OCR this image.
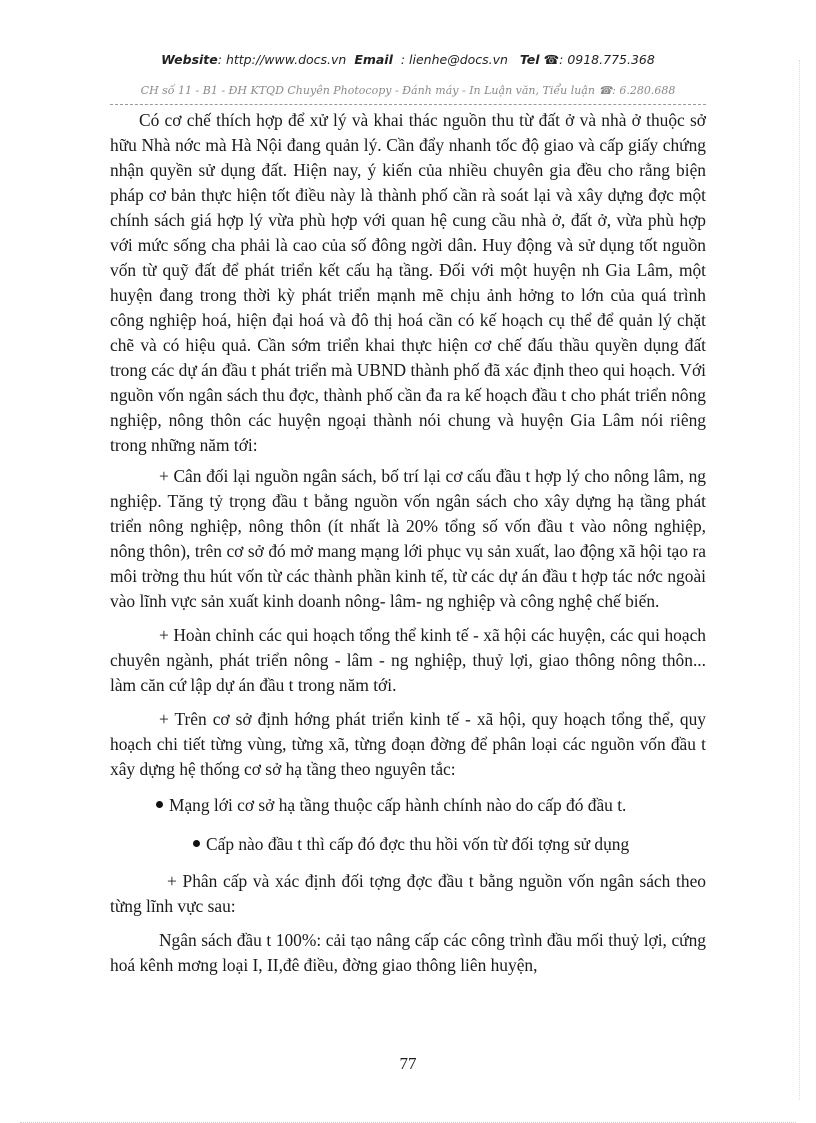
Website: http://www.docs.vn Email : lienhe@docs.vn Tel ☎: 0918.775.368
CH số 11 - B1 - ĐH KTQD Chuyên Photocopy - Đánh máy - In Luận văn, Tiểu luận ☎: 6.280.688

Có cơ chế thích hợp để xử lý và khai thác nguồn thu từ đất ở và nhà ở thuộc sở hữu Nhà nớc mà Hà Nội đang quản lý. Cần đẩy nhanh tốc độ giao và cấp giấy chứng nhận quyền sử dụng đất. Hiện nay, ý kiến của nhiều chuyên gia đều cho rằng biện pháp cơ bản thực hiện tốt điều này là thành phố cần rà soát lại và xây dựng đợc một chính sách giá hợp lý vừa phù hợp với quan hệ cung cầu nhà ở, đất ở, vừa phù hợp với mức sống cha phải là cao của số đông ngời dân. Huy động và sử dụng tốt nguồn vốn từ quỹ đất để phát triển kết cấu hạ tầng. Đối với một huyện nh Gia Lâm, một huyện đang trong thời kỳ phát triển mạnh mẽ chịu ảnh hởng to lớn của quá trình công nghiệp hoá, hiện đại hoá và đô thị hoá cần có kế hoạch cụ thể để quản lý chặt chẽ và có hiệu quả. Cần sớm triển khai thực hiện cơ chế đấu thầu quyền dụng đất trong các dự án đầu t phát triển mà UBND thành phố đã xác định theo qui hoạch. Với nguồn vốn ngân sách thu đợc, thành phố cần đa ra kế hoạch đầu t cho phát triển nông nghiệp, nông thôn các huyện ngoại thành nói chung và huyện Gia Lâm nói riêng trong những năm tới:

+ Cân đối lại nguồn ngân sách, bố trí lại cơ cấu đầu t hợp lý cho nông lâm, ng nghiệp. Tăng tỷ trọng đầu t bằng nguồn vốn ngân sách cho xây dựng hạ tầng phát triển nông nghiệp, nông thôn (ít nhất là 20% tổng số vốn đầu t vào nông nghiệp, nông thôn), trên cơ sở đó mở mang mạng lới phục vụ sản xuất, lao động xã hội tạo ra môi trờng thu hút vốn từ các thành phần kinh tế, từ các dự án đầu t hợp tác nớc ngoài vào lĩnh vực sản xuất kinh doanh nông- lâm- ng nghiệp và công nghệ chế biến.

+ Hoàn chỉnh các qui hoạch tổng thể kinh tế - xã hội các huyện, các qui hoạch chuyên ngành, phát triển nông - lâm - ng nghiệp, thuỷ lợi, giao thông nông thôn... làm căn cứ lập dự án đầu t trong năm tới.

+ Trên cơ sở định hớng phát triển kinh tế - xã hội, quy hoạch tổng thể, quy hoạch chi tiết từng vùng, từng xã, từng đoạn đờng để phân loại các nguồn vốn đầu t xây dựng hệ thống cơ sở hạ tầng theo nguyên tắc:

Mạng lới cơ sở hạ tầng thuộc cấp hành chính nào do cấp đó đầu t.

Cấp nào đầu t thì cấp đó đợc thu hồi vốn từ đối tợng sử dụng

+ Phân cấp và xác định đối tợng đợc đầu t bằng nguồn vốn ngân sách theo từng lĩnh vực sau:

Ngân sách đầu t 100%: cải tạo nâng cấp các công trình đầu mối thuỷ lợi, cứng hoá kênh mơng loại I, II,đê điều, đờng giao thông liên huyện,

77
